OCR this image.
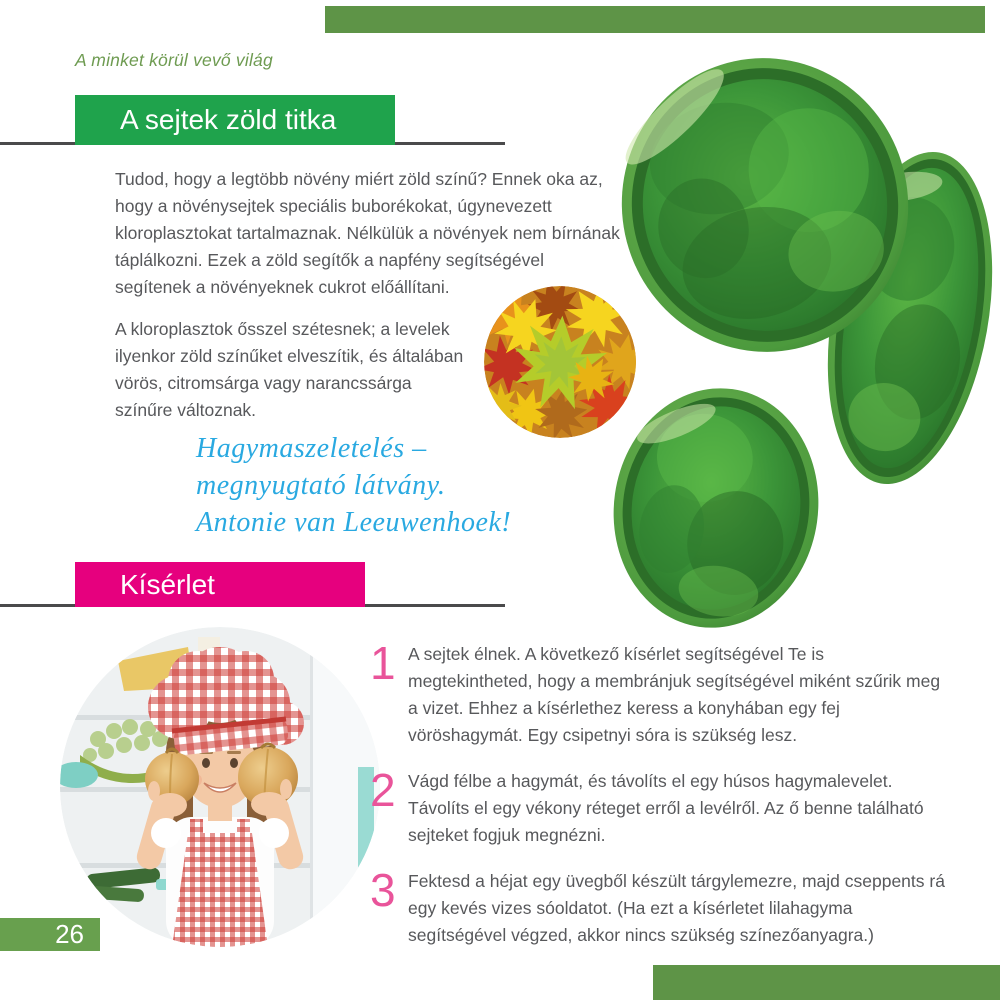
A minket körül vevő világ
A sejtek zöld titka

Tudod, hogy a legtöbb növény miért zöld színű? Ennek oka az, hogy a növénysejtek speciális buborékokat, úgynevezett kloroplasztokat tartalmaznak. Nélkülük a növények nem bírnának táplálkozni. Ezek a zöld segítők a napfény segítségével segítenek a növényeknek cukrot előállítani.

A kloroplasztok ősszel szétesnek; a levelek ilyenkor zöld színűket elveszítik, és általában vörös, citromsárga vagy narancssárga színűre változnak.

Hagymaszeletelés –
megnyugtató látvány.
Antonie van Leeuwenhoek!
Kísérlet
1 A sejtek élnek. A következő kísérlet segítségével Te is megtekintheted, hogy a membránjuk segítségével miként szűrik meg a vizet. Ehhez a kísérlethez keress a konyhában egy fej vöröshagymát. Egy csipetnyi sóra is szükség lesz.
2 Vágd félbe a hagymát, és távolíts el egy húsos hagymalevelet. Távolíts el egy vékony réteget erről a levélről. Az ő benne található sejteket fogjuk megnézni.
3 Fektesd a héjat egy üvegből készült tárgylemezre, majd cseppents rá egy kevés vizes sóoldatot. (Ha ezt a kísérletet lilahagyma segítségével végzed, akkor nincs szükség színezőanyagra.)
26
